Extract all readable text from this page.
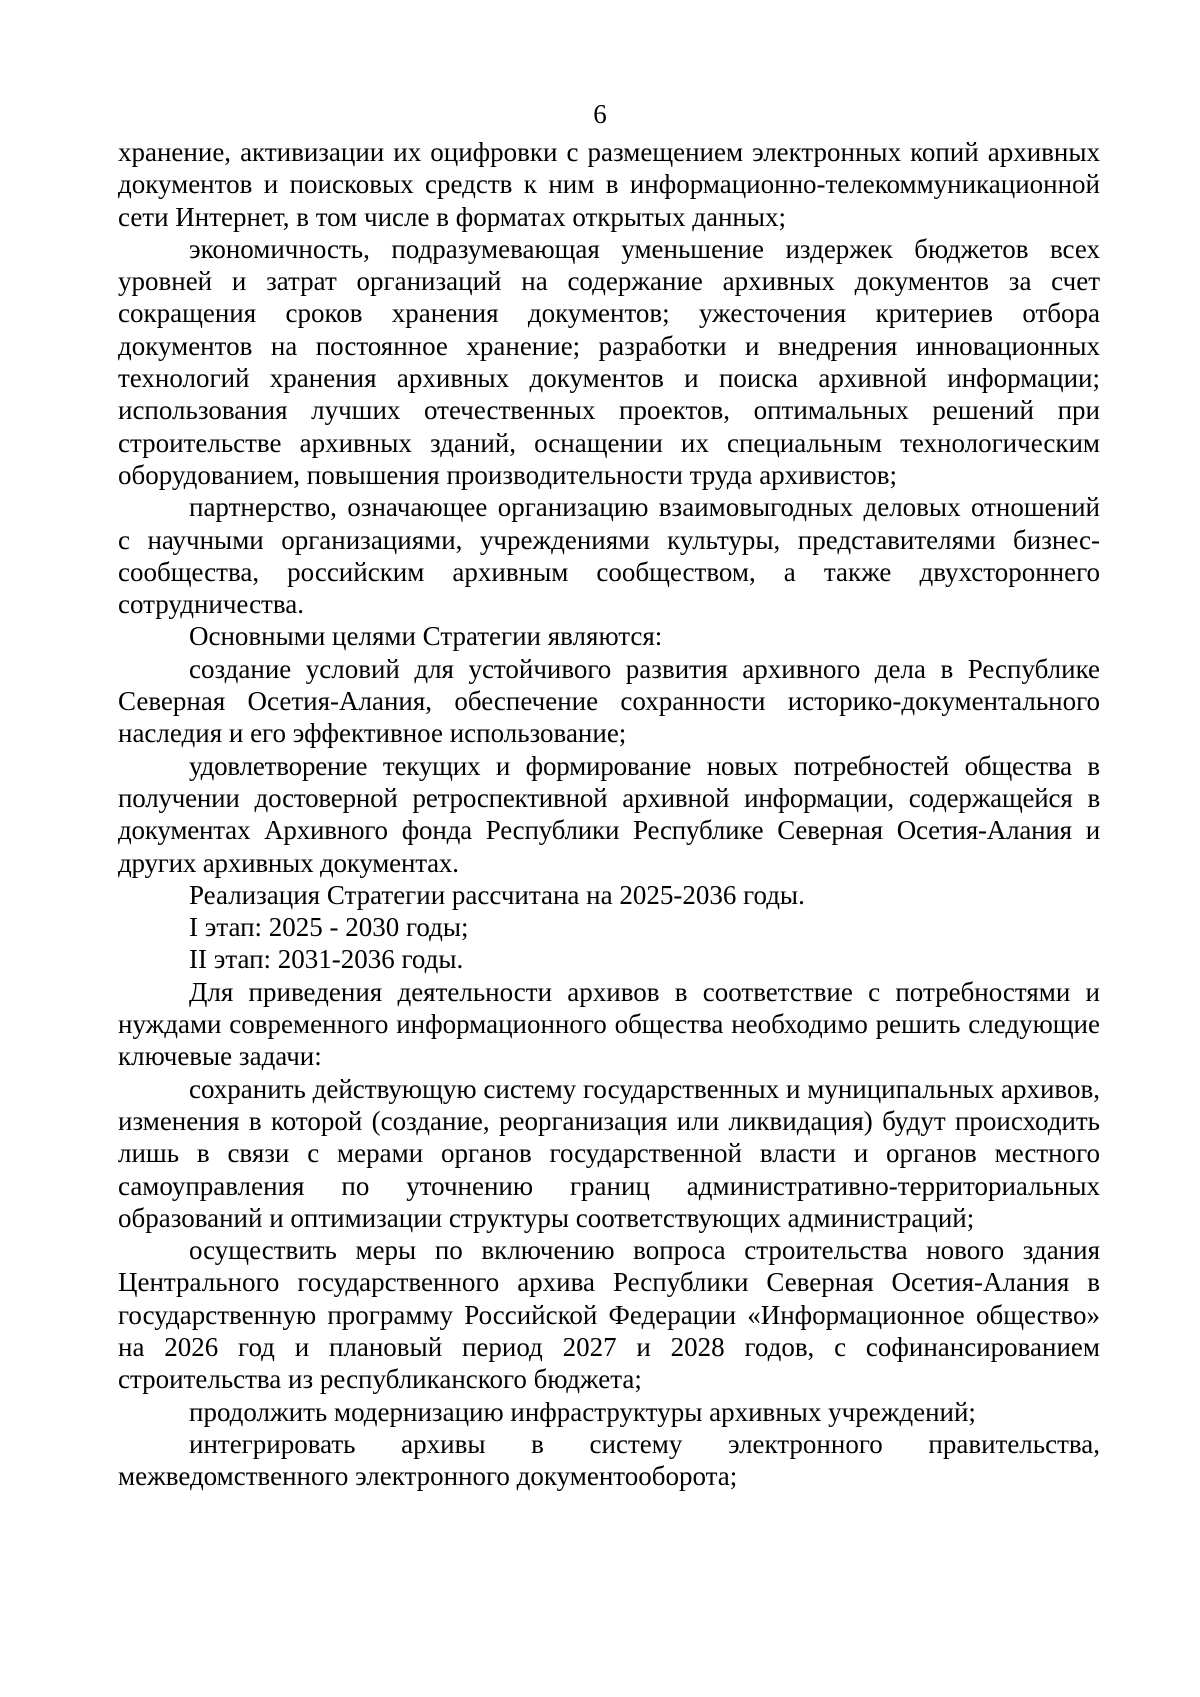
6

хранение, активизации их оцифровки с размещением электронных копий архивных документов и поисковых средств к ним в информационно-телекоммуникационной сети Интернет, в том числе в форматах открытых данных;

экономичность, подразумевающая уменьшение издержек бюджетов всех уровней и затрат организаций на содержание архивных документов за счет сокращения сроков хранения документов; ужесточения критериев отбора документов на постоянное хранение; разработки и внедрения инновационных технологий хранения архивных документов и поиска архивной информации; использования лучших отечественных проектов, оптимальных решений при строительстве архивных зданий, оснащении их специальным технологическим оборудованием, повышения производительности труда архивистов;

партнерство, означающее организацию взаимовыгодных деловых отношений с научными организациями, учреждениями культуры, представителями бизнес-сообщества, российским архивным сообществом, а также двухстороннего сотрудничества.

Основными целями Стратегии являются:

создание условий для устойчивого развития архивного дела в Республике Северная Осетия-Алания, обеспечение сохранности историко-документального наследия и его эффективное использование;

удовлетворение текущих и формирование новых потребностей общества в получении достоверной ретроспективной архивной информации, содержащейся в документах Архивного фонда Республики Республике Северная Осетия-Алания и других архивных документах.

Реализация Стратегии рассчитана на 2025-2036 годы.

I этап: 2025 - 2030 годы;

II этап: 2031-2036 годы.

Для приведения деятельности архивов в соответствие с потребностями и нуждами современного информационного общества необходимо решить следующие ключевые задачи:

сохранить действующую систему государственных и муниципальных архивов, изменения в которой (создание, реорганизация или ликвидация) будут происходить лишь в связи с мерами органов государственной власти и органов местного самоуправления по уточнению границ административно-территориальных образований и оптимизации структуры соответствующих администраций;

осуществить меры по включению вопроса строительства нового здания Центрального государственного архива Республики Северная Осетия-Алания в государственную программу Российской Федерации «Информационное общество» на 2026 год и плановый период 2027 и 2028 годов, с софинансированием строительства из республиканского бюджета;

продолжить модернизацию инфраструктуры архивных учреждений;

интегрировать архивы в систему электронного правительства, межведомственного электронного документооборота;
